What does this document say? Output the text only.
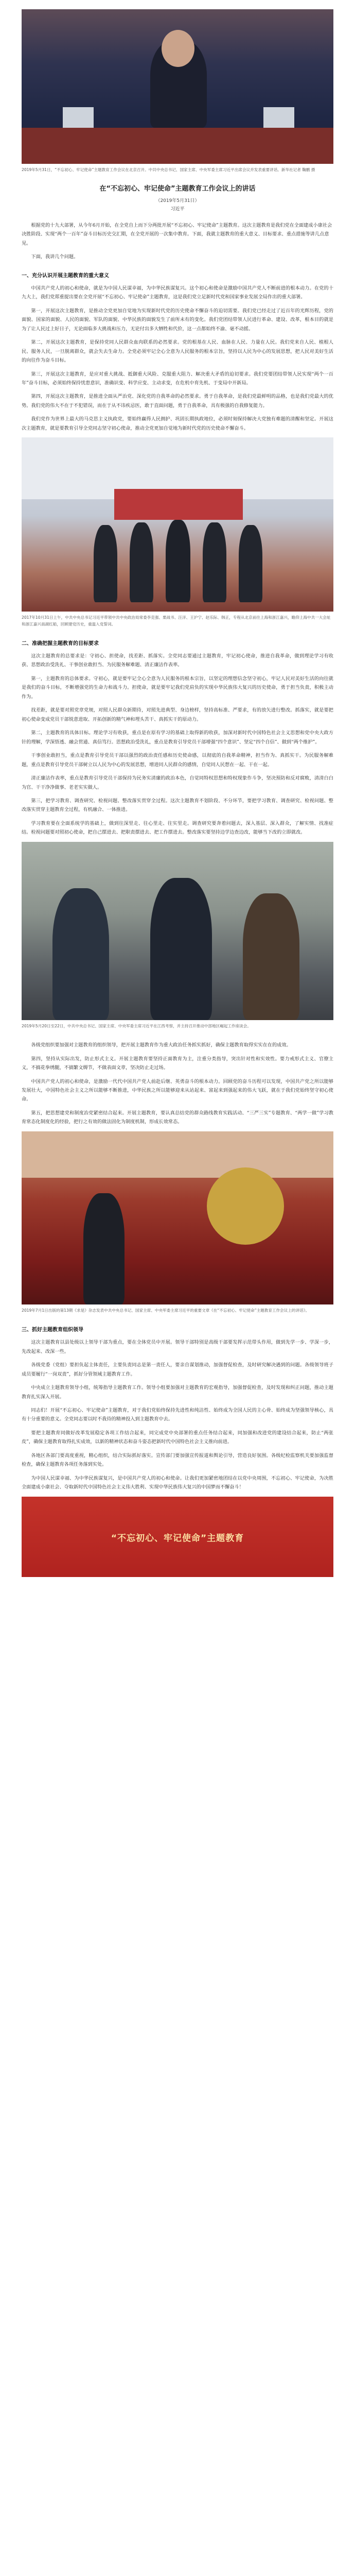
2019年5月31日，“不忘初心、牢记使命”主题教育工作会议在北京召开。中共中央总书记、国家主席、中央军委主席习近平出席会议并发表重要讲话。新华社记者 鞠鹏 摄

在“不忘初心、牢记使命”主题教育工作会议上的讲话

（2019年5月31日）

习近平

根据党的十九大部署，从今年6月开始，在全党自上而下分两批开展“不忘初心、牢记使命”主题教育。这次主题教育是我们党在全面建成小康社会决胜阶段、实现“两个一百年”奋斗目标历史交汇期，在全党开展的一次集中教育。下面，我就主题教育的重大意义、目标要求、重点措施等讲几点意见。

下面，我讲几个问题。

一、充分认识开展主题教育的重大意义

中国共产党人的初心和使命，就是为中国人民谋幸福，为中华民族谋复兴。这个初心和使命是激励中国共产党人不断前进的根本动力。在党的十九大上，我们党郑重提出要在全党开展“不忘初心、牢记使命”主题教育，这是我们党立足新时代党和国家事业发展全局作出的重大部署。

第一，开展这次主题教育，是推动全党更加自觉地为实现新时代党的历史使命不懈奋斗的迫切需要。我们党已经走过了近百年的光辉历程，党的面貌、国家的面貌、人民的面貌、军队的面貌、中华民族的面貌发生了前所未有的变化。我们党团结带领人民进行革命、建设、改革，根本目的就是为了让人民过上好日子，无论面临多大挑战和压力，无论付出多大牺牲和代价，这一点都始终不渝、毫不动摇。

第二，开展这次主题教育，是保持党同人民群众血肉联系的必然要求。党的根基在人民、血脉在人民、力量在人民。我们党来自人民、植根人民、服务人民，一旦脱离群众，就会失去生命力。全党必须牢记全心全意为人民服务的根本宗旨，坚持以人民为中心的发展思想，把人民对美好生活的向往作为奋斗目标。

第三，开展这次主题教育，是应对重大挑战、抵御重大风险、克服重大阻力、解决重大矛盾的迫切要求。我们党要团结带领人民实现“两个一百年”奋斗目标，必须始终保持忧患意识，准确识变、科学应变、主动求变，在危机中育先机、于变局中开新局。

第四，开展这次主题教育，是推进全面从严治党、深化党的自我革命的必然要求。勇于自我革命，是我们党最鲜明的品格，也是我们党最大的优势。我们党的伟大不在于不犯错误，而在于从不讳疾忌医，敢于直面问题，勇于自我革命，具有极强的自我修复能力。

我们党作为世界上最大的马克思主义执政党，要始终赢得人民拥护、巩固长期执政地位，必须时刻保持解决大党独有难题的清醒和坚定。开展这次主题教育，就是要教育引导全党同志坚守初心使命，推动全党更加自觉地为新时代党的历史使命不懈奋斗。

2017年10月31日上午，中共中央总书记习近平带领中共中央政治局常委李克强、栗战书、汪洋、王沪宁、赵乐际、韩正，专程从北京前往上海和浙江嘉兴，瞻仰上海中共一大会址和浙江嘉兴南湖红船，回顾建党历史，重温入党誓词。

二、准确把握主题教育的目标要求

这次主题教育的总要求是：守初心、担使命，找差距、抓落实。全党同志要通过主题教育，牢记初心使命，推进自我革命，做到理论学习有收获、思想政治受洗礼、干事创业敢担当、为民服务解难题、清正廉洁作表率。

第一，主题教育的总体要求。守初心，就是要牢记全心全意为人民服务的根本宗旨，以坚定的理想信念坚守初心，牢记人民对美好生活的向往就是我们的奋斗目标，不断增强党的生命力和战斗力。担使命，就是要牢记我们党肩负的实现中华民族伟大复兴的历史使命，勇于担当负责，积极主动作为。

找差距，就是要对照党章党规，对照人民群众新期待，对照先进典型、身边榜样，坚持高标准、严要求，有的放矢进行整改。抓落实，就是要把初心使命变成党员干部锐意进取、开拓创新的精气神和埋头苦干、真抓实干的原动力。

第二，主题教育的具体目标。理论学习有收获，重点是在原有学习的基础上取得新的收获，加深对新时代中国特色社会主义思想和党中央大政方针的理解，学深悟透、融会贯通、真信笃行。思想政治受洗礼，重点是教育引导党员干部增强“四个意识”、坚定“四个自信”、做到“两个维护”。

干事创业敢担当，重点是教育引导党员干部以强烈的政治责任感和历史使命感，以彻底的自我革命精神，担当作为、真抓实干。为民服务解难题，重点是教育引导党员干部树立以人民为中心的发展思想，增进同人民群众的感情，自觉同人民想在一起、干在一起。

清正廉洁作表率，重点是教育引导党员干部保持为民务实清廉的政治本色，自觉同特权思想和特权现象作斗争，坚决预防和反对腐败，清清白白为官、干干净净做事、老老实实做人。

第三，把学习教育、调查研究、检视问题、整改落实贯穿全过程。这次主题教育不划阶段、不分环节，要把学习教育、调查研究、检视问题、整改落实贯穿主题教育全过程，有机融合、一体推进。

学习教育要在全面系统学的基础上，做到往深里走、往心里走、往实里走。调查研究要奔着问题去，深入基层、深入群众，了解实情、找准症结。检视问题要对照初心使命，把自己摆进去、把职责摆进去、把工作摆进去。整改落实要坚持边学边查边改，能够当下改的立即就改。

2019年5月20日至22日，中共中央总书记、国家主席、中央军委主席习近平在江西考察，并主持召开推动中部地区崛起工作座谈会。

各级党组织要加强对主题教育的组织领导，把开展主题教育作为重大政治任务抓实抓好，确保主题教育取得实实在在的成效。

第四，坚持从实际出发，防止形式主义。开展主题教育要坚持正面教育为主，注重分类指导，突出针对性和实效性。要力戒形式主义、官僚主义，不搞花拳绣腿，不搞繁文缛节，不做表面文章，坚决防止走过场。

中国共产党人的初心和使命，是激励一代代中国共产党人前赴后继、英勇奋斗的根本动力。回顾党的奋斗历程可以发现，中国共产党之所以能够发展壮大，中国特色社会主义之所以能够不断推进，中华民族之所以能够迎来从站起来、富起来到强起来的伟大飞跃，就在于我们党始终坚守初心使命。

第五，把思想建党和制度治党紧密结合起来。开展主题教育，要认真总结党的群众路线教育实践活动、“三严三实”专题教育、“两学一做”学习教育常态化制度化的经验，把行之有效的做法固化为制度机制，形成长效常态。

2019年7月1日出版的第13期《求是》杂志发表中共中央总书记、国家主席、中央军委主席习近平的重要文章《在“不忘初心、牢记使命”主题教育工作会议上的讲话》。

三、抓好主题教育组织领导

这次主题教育以县处级以上领导干部为重点，要在全体党员中开展。领导干部特别是高级干部要发挥示范带头作用，做到先学一步、学深一步，先改起来、改深一些。

各级党委（党组）要担负起主体责任，主要负责同志是第一责任人，要亲自谋划推动，加强督促检查，及时研究解决遇到的问题。各级领导班子成员要履行“一岗双责”，抓好分管领域主题教育工作。

中央成立主题教育领导小组，统筹指导主题教育工作。领导小组要加强对主题教育的宏观指导，加强督促检查，及时发现和纠正问题，推动主题教育扎实深入开展。

同志们！开展“不忘初心、牢记使命”主题教育，对于我们党始终保持先进性和纯洁性、始终成为全国人民的主心骨、始终成为坚强领导核心，具有十分重要的意义。全党同志要以时不我待的精神投入到主题教育中去。

要把主题教育同做好改革发展稳定各项工作结合起来，同完成党中央部署的重点任务结合起来，同加强和改进党的建设结合起来，防止“两张皮”，确保主题教育取得扎实成效，以新的精神状态和奋斗姿态把新时代中国特色社会主义推向前进。

各地区各部门要高度重视，精心组织，结合实际抓好落实。宣传部门要加强宣传报道和舆论引导，营造良好氛围。各级纪检监察机关要加强监督检查，确保主题教育各项任务落到实处。

为中国人民谋幸福、为中华民族谋复兴，是中国共产党人的初心和使命。让我们更加紧密地团结在以党中央周围，不忘初心、牢记使命，为决胜全面建成小康社会、夺取新时代中国特色社会主义伟大胜利、实现中华民族伟大复兴的中国梦而不懈奋斗！

“不忘初心、牢记使命”主题教育
